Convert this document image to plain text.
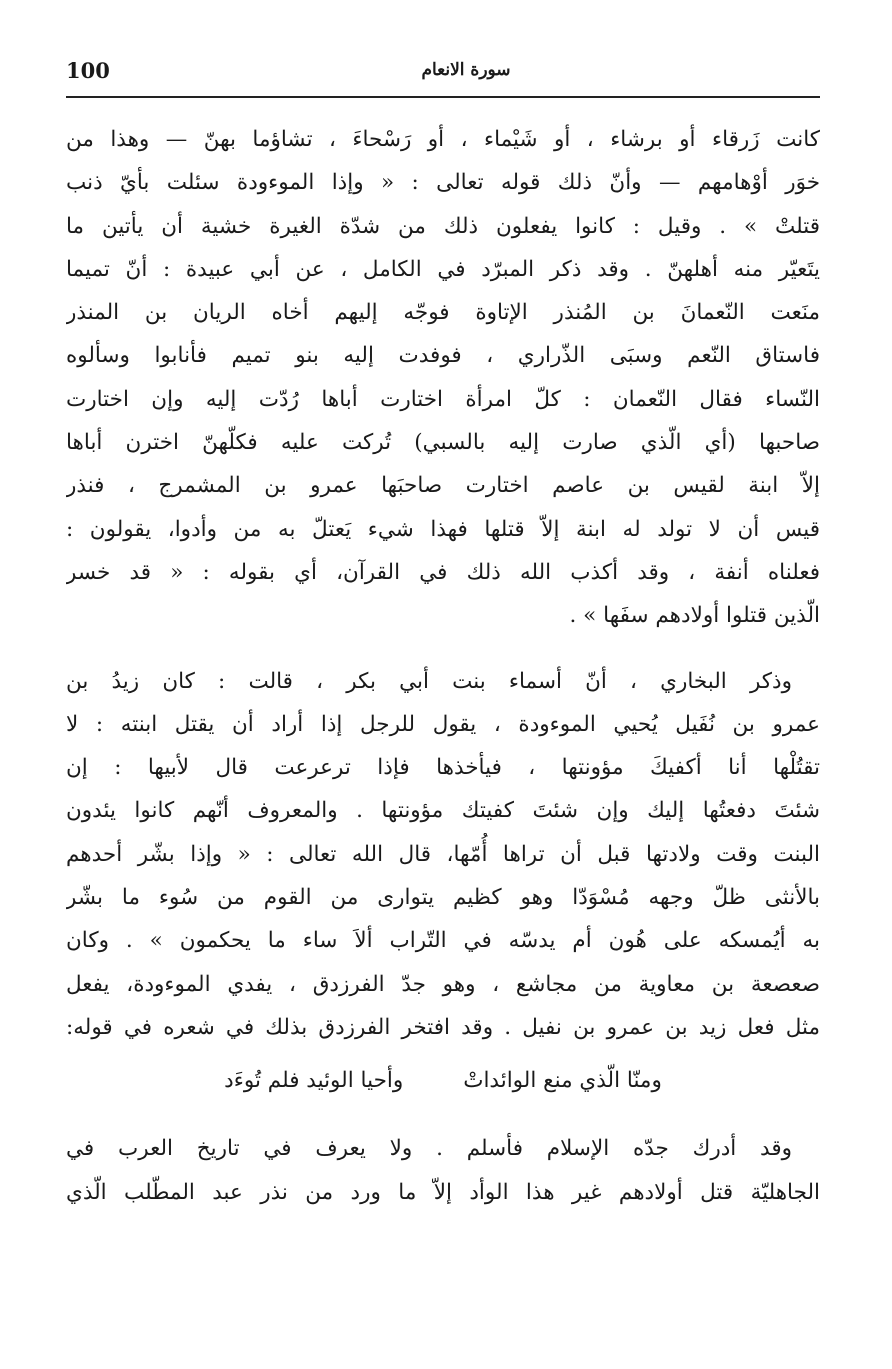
100	سورة الانعام
كانت زَرقاء أو برشاء ، أو شَيْماء ، أو رَسْحاءَ ، تشاؤما بهنّ — وهذا من
خوَر أوْهامهم — وأنّ ذلك قوله تعالى : « وإذا الموءودة سئلت بأيّ ذنب
قتلتْ » . وقيل : كانوا يفعلون ذلك من شدّة الغيرة خشية أن يأتين ما
يتَعيّر منه أهلهنّ . وقد ذكر المبرّد في الكامل ، عن أبي عبيدة : أنّ تميما
منَعت النّعمانَ بن المُنذر الإتاوة فوجّه إليهم أخاه الريان بن المنذر
فاستاق النّعم وسبَى الذّراري ، فوفدت إليه بنو تميم فأنابوا وسألوه
النّساء فقال النّعمان : كلّ امرأة اختارت أباها رُدّت إليه وإن اختارت
صاحبها (أي الّذي صارت إليه بالسبي) تُركت عليه فكلّهنّ اخترن أباها
إلاّ ابنة لقيس بن عاصم اختارت صاحبَها عمرو بن المشمرج ، فنذر
قيس أن لا تولد له ابنة إلاّ قتلها فهذا شيء يَعتلّ به من وأدوا، يقولون :
فعلناه أنفة ، وقد أكذب الله ذلك في القرآن، أي بقوله : « قد خسر
الّذين قتلوا أولادهم سفَها » .
وذكر البخاري ، أنّ أسماء بنت أبي بكر ، قالت : كان زيدُ بن
عمرو بن نُفَيل يُحيي الموءودة ، يقول للرجل إذا أراد أن يقتل ابنته : لا
تقتُلْها أنا أكفيكَ مؤونتها ، فيأخذها فإذا ترعرعت قال لأبيها : إن
شئتَ دفعتُها إليك وإن شئتَ كفيتك مؤونتها . والمعروف أنّهم كانوا يئدون
البنت وقت ولادتها قبل أن تراها أُمّها، قال الله تعالى : « وإذا بشّر أحدهم
بالأنثى ظلّ وجهه مُسْوَدّا وهو كظيم يتوارى من القوم من سُوء ما بشّر
به أيُمسكه على هُون أم يدسّه في التّراب ألاَ ساء ما يحكمون » . وكان
صعصعة بن معاوية من مجاشع ، وهو جدّ الفرزدق ، يفدي الموءودة، يفعل
مثل فعل زيد بن عمرو بن نفيل . وقد افتخر الفرزدق بذلك في شعره في قوله:
ومنّا الّذي منع الوائداتْ
وأحيا الوئيد فلم تُوءَد
وقد أدرك جدّه الإسلام فأسلم . ولا يعرف في تاريخ العرب في
الجاهليّة قتل أولادهم غير هذا الوأد إلاّ ما ورد من نذر عبد المطّلب الّذي
